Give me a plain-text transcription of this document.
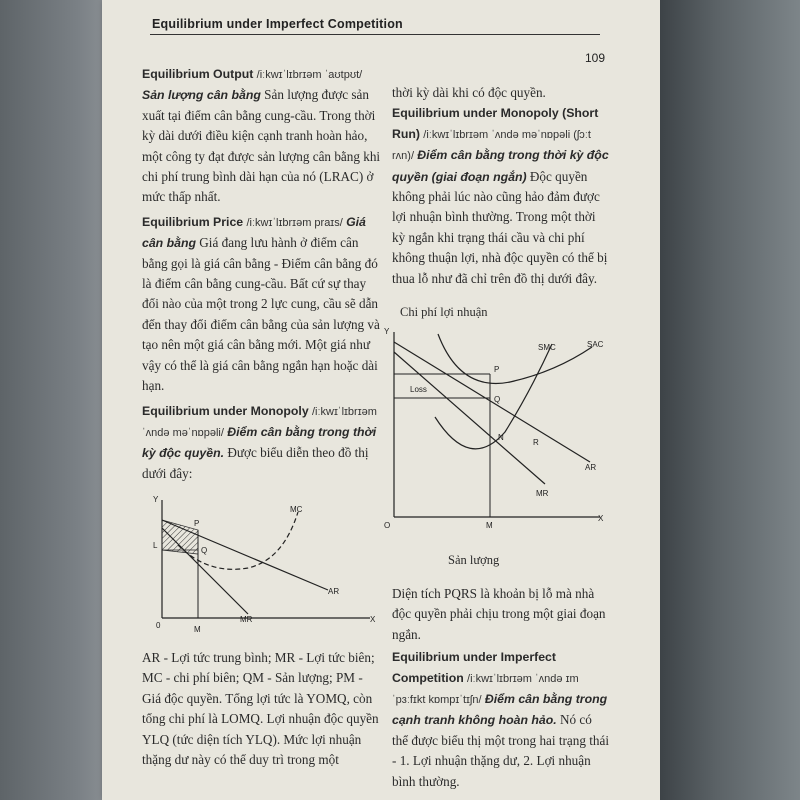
Equilibrium under Imperfect Competition
109

Equilibrium Output /iːkwɪˈlɪbrɪəm ˈaʊtpʊt/ Sản lượng cân bằng Sản lượng được sản xuất tại điểm cân bằng cung-cầu. Trong thời kỳ dài dưới điều kiện cạnh tranh hoàn hảo, một công ty đạt được sản lượng cân bằng khi chi phí trung bình dài hạn của nó (LRAC) ở mức thấp nhất.

Equilibrium Price /iːkwɪˈlɪbrɪəm praɪs/ Giá cân bằng Giá đang lưu hành ở điểm cân bằng gọi là giá cân bằng - Điểm cân bằng đó là điểm cân bằng cung-cầu. Bất cứ sự thay đổi nào của một trong 2 lực cung, cầu sẽ dẫn đến thay đổi điểm cân bằng của sản lượng và tạo nên một giá cân bằng mới. Một giá như vậy có thể là giá cân bằng ngắn hạn hoặc dài hạn.

Equilibrium under Monopoly /iːkwɪˈlɪbrɪəm ˈʌndə məˈnɒpəli/ Điểm cân bằng trong thời kỳ độc quyền. Được biểu diễn theo đồ thị dưới đây:

Y
L
P
Q
0	M
X
MC
AR
MR

AR - Lợi tức trung bình; MR - Lợi tức biên; MC - chi phí biên; QM - Sản lượng; PM - Giá độc quyền. Tổng lợi tức là YOMQ, còn tổng chi phí là LOMQ. Lợi nhuận độc quyền YLQ (tức diện tích YLQ). Mức lợi nhuận thặng dư này có thể duy trì trong một

thời kỳ dài khi có độc quyền.

Equilibrium under Monopoly (Short Run) /iːkwɪˈlɪbrɪəm ˈʌndə məˈnɒpəli (ʃɔːt rʌn)/ Điểm cân bằng trong thời kỳ độc quyền (giai đoạn ngắn) Độc quyền không phải lúc nào cũng hảo đảm được lợi nhuận bình thường. Trong một thời kỳ ngắn khi trạng thái cầu và chi phí không thuận lợi, nhà độc quyền có thể bị thua lỗ như đã chỉ trên đồ thị dưới đây.

Chi phí lợi nhuận
Y
SMC	SAC
P
Loss
Q
N
R
AR
MR
O	M
X
Sản lượng

Diện tích PQRS là khoản bị lỗ mà nhà độc quyền phải chịu trong một giai đoạn ngắn.

Equilibrium under Imperfect Competition /iːkwɪˈlɪbrɪəm ˈʌndə ɪmˈpɜːfɪkt kɒmpɪˈtɪʃn/ Điểm cân bằng trong cạnh tranh không hoàn hảo. Nó có thể được biểu thị một trong hai trạng thái - 1. Lợi nhuận thặng dư, 2. Lợi nhuận bình thường.
